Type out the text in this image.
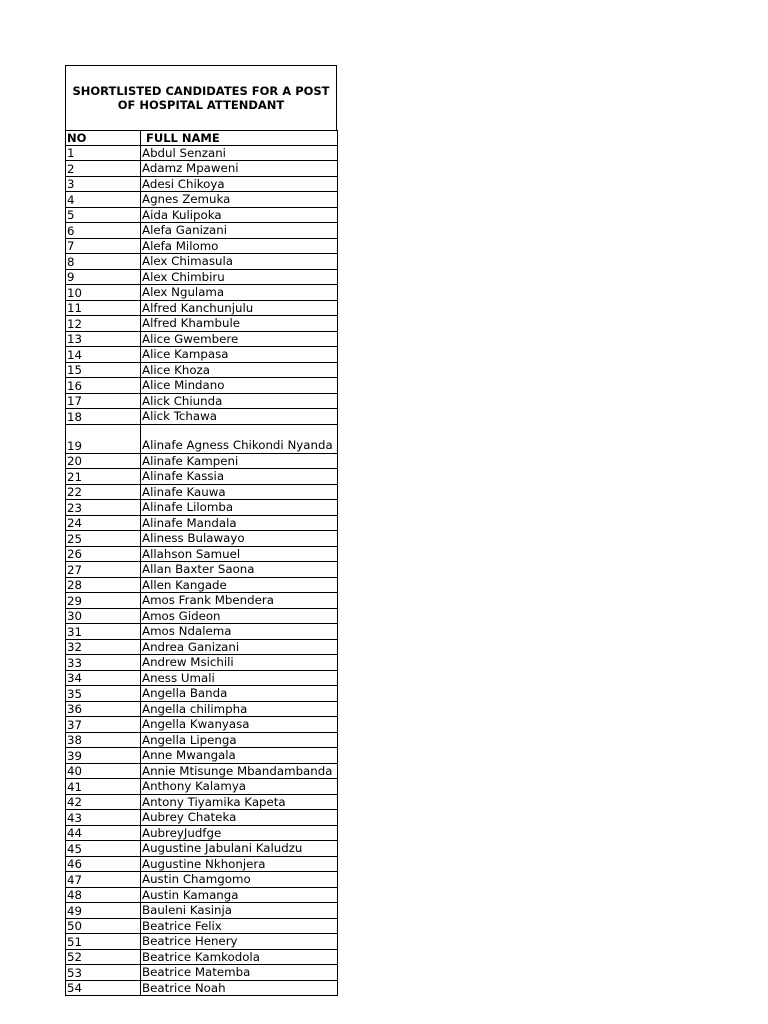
SHORTLISTED CANDIDATES FOR A POST OF HOSPITAL ATTENDANT
NO	FULL NAME
1	Abdul Senzani
2	Adamz Mpaweni
3	Adesi Chikoya
4	Agnes Zemuka
5	Aida Kulipoka
6	Alefa Ganizani
7	Alefa Milomo
8	Alex Chimasula
9	Alex Chimbiru
10	Alex Ngulama
11	Alfred Kanchunjulu
12	Alfred Khambule
13	Alice Gwembere
14	Alice Kampasa
15	Alice Khoza
16	Alice Mindano
17	Alick Chiunda
18	Alick Tchawa
19	Alinafe Agness Chikondi Nyanda
20	Alinafe Kampeni
21	Alinafe Kassia
22	Alinafe Kauwa
23	Alinafe Lilomba
24	Alinafe Mandala
25	Aliness Bulawayo
26	Allahson Samuel
27	Allan Baxter Saona
28	Allen Kangade
29	Amos Frank Mbendera
30	Amos Gideon
31	Amos Ndalema
32	Andrea Ganizani
33	Andrew Msichili
34	Aness Umali
35	Angella Banda
36	Angella chilimpha
37	Angella Kwanyasa
38	Angella Lipenga
39	Anne Mwangala
40	Annie Mtisunge Mbandambanda
41	Anthony Kalamya
42	Antony Tiyamika Kapeta
43	Aubrey Chateka
44	AubreyJudfge
45	Augustine Jabulani Kaludzu
46	Augustine Nkhonjera
47	Austin Chamgomo
48	Austin Kamanga
49	Bauleni Kasinja
50	Beatrice Felix
51	Beatrice Henery
52	Beatrice Kamkodola
53	Beatrice Matemba
54	Beatrice Noah
